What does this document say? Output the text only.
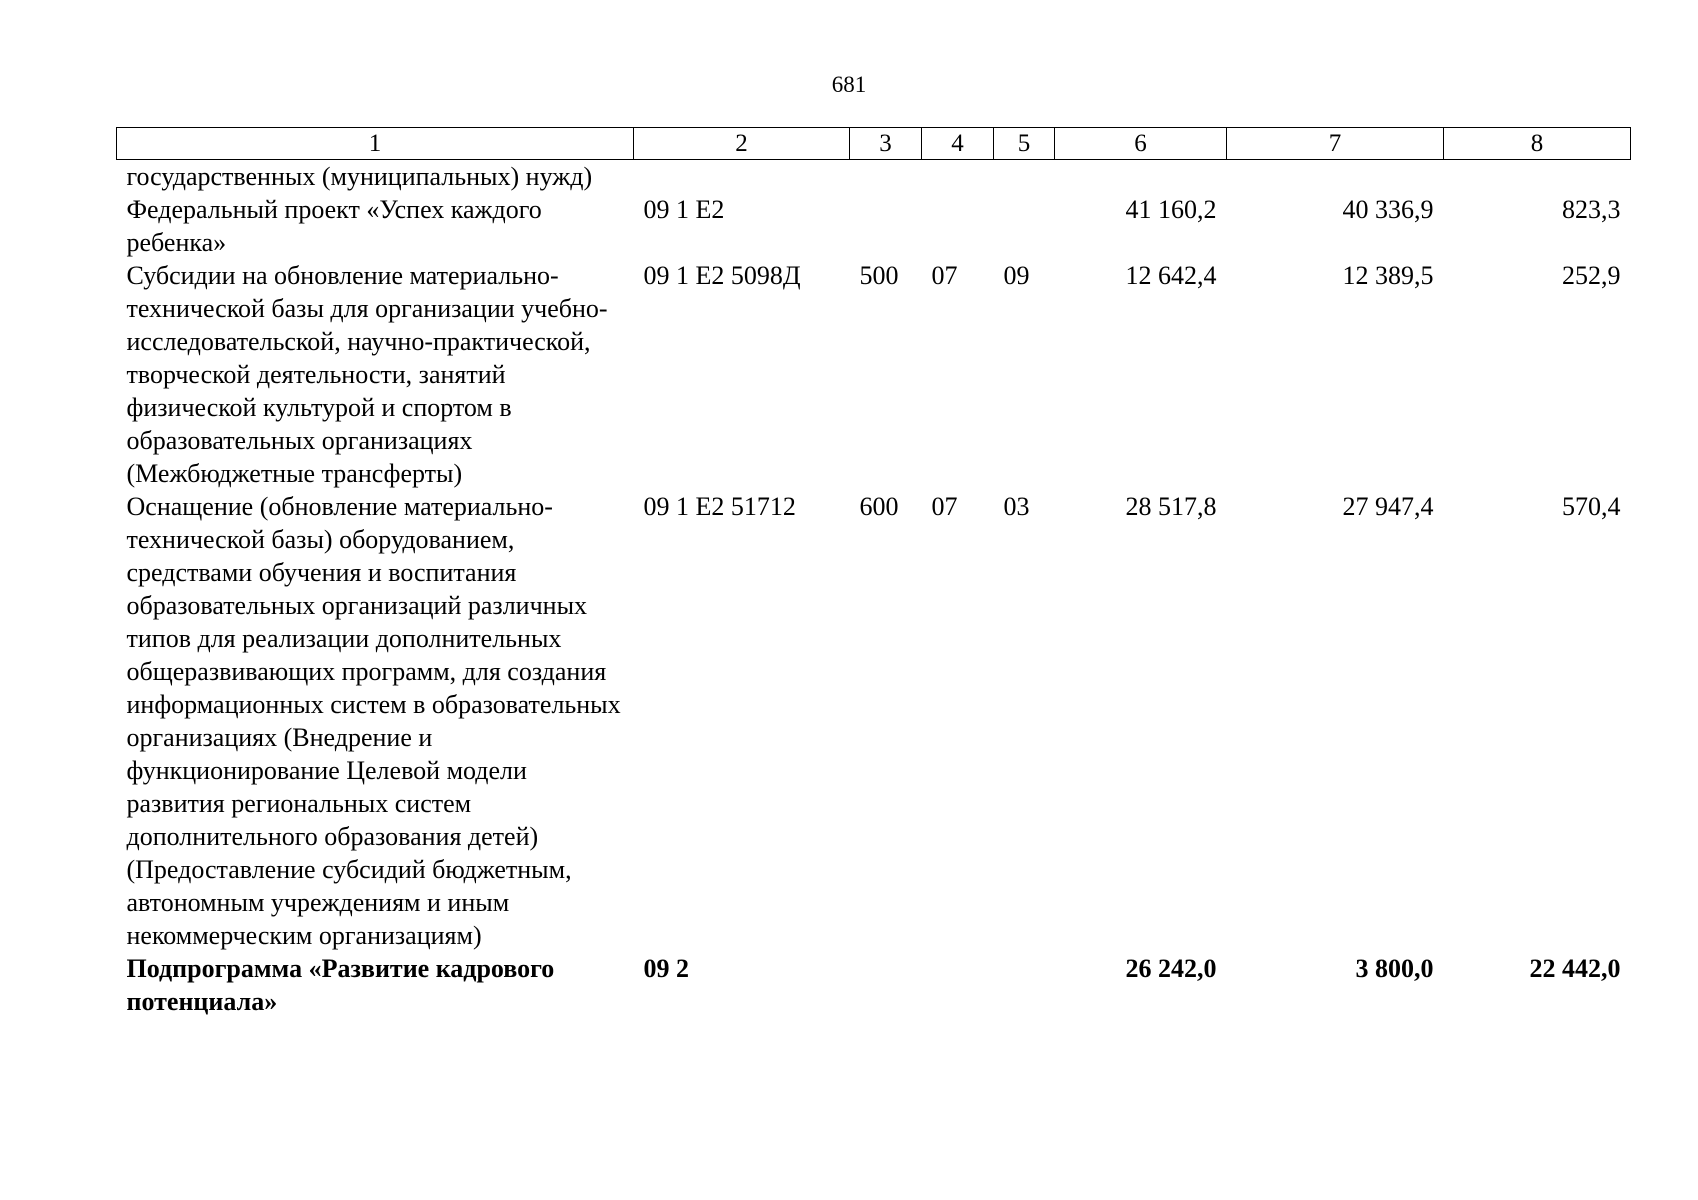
681
1	2	3	4	5	6	7	8
государственных (муниципальных) нужд)							
Федеральный проект «Успех каждого ребенка»	09 1 Е2				41 160,2	40 336,9	823,3
Субсидии на обновление материально-технической базы для организации учебно-исследовательской, научно-практической, творческой деятельности, занятий физической культурой и спортом в образовательных организациях (Межбюджетные трансферты)	09 1 Е2 5098Д	500	07	09	12 642,4	12 389,5	252,9
Оснащение (обновление материально-технической базы) оборудованием, средствами обучения и воспитания образовательных организаций различных типов для реализации дополнительных общеразвивающих программ, для создания информационных систем в образовательных организациях (Внедрение и функционирование Целевой модели развития региональных систем дополнительного образования детей) (Предоставление субсидий бюджетным, автономным учреждениям и иным некоммерческим организациям)	09 1 Е2 51712	600	07	03	28 517,8	27 947,4	570,4
Подпрограмма «Развитие кадрового потенциала»	09 2				26 242,0	3 800,0	22 442,0
